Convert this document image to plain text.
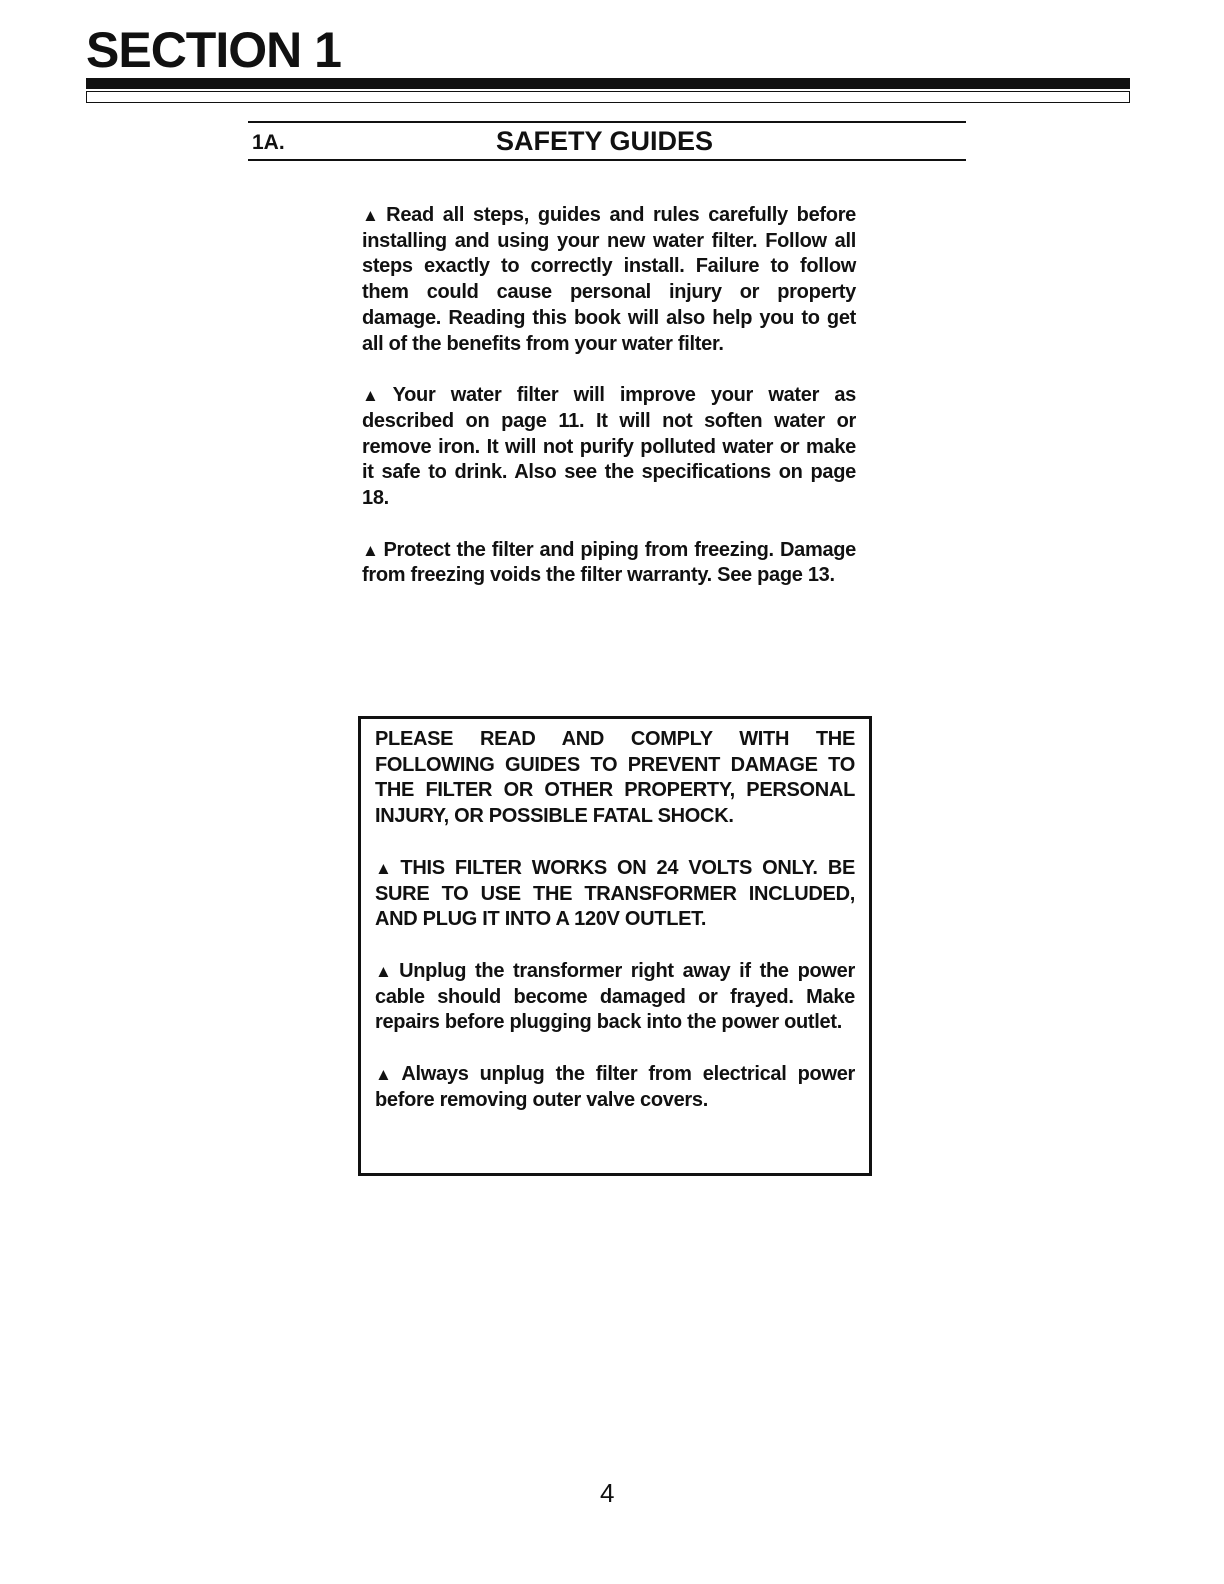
SECTION 1
1A.	SAFETY GUIDES

▲ Read all steps, guides and rules carefully before installing and using your new water filter. Follow all steps exactly to correctly install. Failure to follow them could cause personal injury or property damage. Reading this book will also help you to get all of the benefits from your water filter.

▲ Your water filter will improve your water as described on page 11. It will not soften water or remove iron. It will not purify polluted water or make it safe to drink. Also see the specifications on page 18.

▲ Protect the filter and piping from freezing. Damage from freezing voids the filter warranty. See page 13.

PLEASE READ AND COMPLY WITH THE FOLLOWING GUIDES TO PREVENT DAMAGE TO THE FILTER OR OTHER PROPERTY, PERSONAL INJURY, OR POSSIBLE FATAL SHOCK.

▲ THIS FILTER WORKS ON 24 VOLTS ONLY. BE SURE TO USE THE TRANSFORMER INCLUDED, AND PLUG IT INTO A 120V OUTLET.

▲ Unplug the transformer right away if the power cable should become damaged or frayed. Make repairs before plugging back into the power outlet.

▲ Always unplug the filter from electrical power before removing outer valve covers.

4
